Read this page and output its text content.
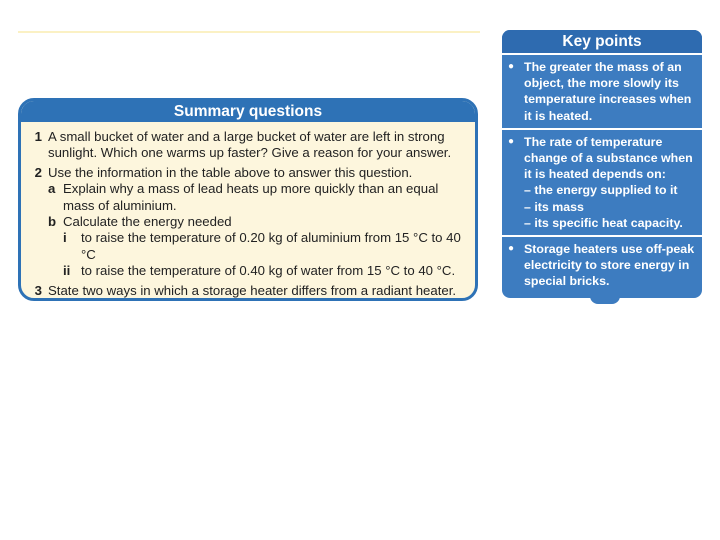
Summary questions
1 A small bucket of water and a large bucket of water are left in strong sunlight. Which one warms up faster? Give a reason for your answer.
2 Use the information in the table above to answer this question.
a Explain why a mass of lead heats up more quickly than an equal mass of aluminium.
b Calculate the energy needed
i	to raise the temperature of 0.20 kg of aluminium from 15 °C to 40 °C
ii to raise the temperature of 0.40 kg of water from 15 °C to 40 °C.
3 State two ways in which a storage heater differs from a radiant heater.
Key points
● The greater the mass of an object, the more slowly its temperature increases when it is heated.
● The rate of temperature change of a substance when it is heated depends on:
– the energy supplied to it
– its mass
– its specific heat capacity.
● Storage heaters use off-peak electricity to store energy in special bricks.
